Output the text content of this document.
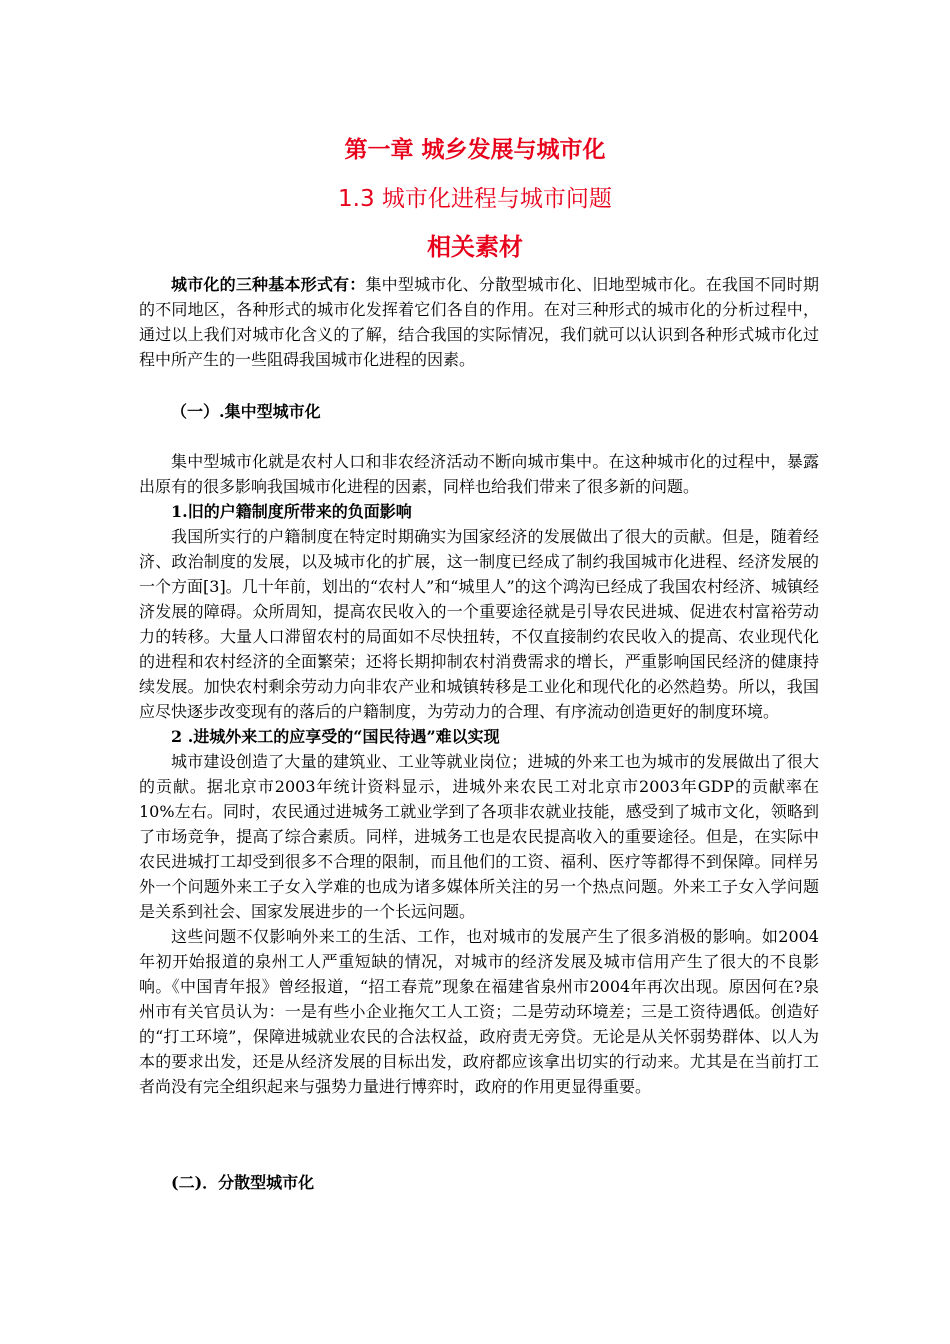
第一章 城乡发展与城市化
1.3 城市化进程与城市问题
相关素材

城市化的三种基本形式有：集中型城市化、分散型城市化、旧地型城市化。在我国不同时期的不同地区，各种形式的城市化发挥着它们各自的作用。在对三种形式的城市化的分析过程中，通过以上我们对城市化含义的了解，结合我国的实际情况，我们就可以认识到各种形式城市化过程中所产生的一些阻碍我国城市化进程的因素。

（一）.集中型城市化

集中型城市化就是农村人口和非农经济活动不断向城市集中。在这种城市化的过程中，暴露出原有的很多影响我国城市化进程的因素，同样也给我们带来了很多新的问题。

1.旧的户籍制度所带来的负面影响

我国所实行的户籍制度在特定时期确实为国家经济的发展做出了很大的贡献。但是，随着经济、政治制度的发展，以及城市化的扩展，这一制度已经成了制约我国城市化进程、经济发展的一个方面[3]。几十年前，划出的“农村人”和“城里人”的这个鸿沟已经成了我国农村经济、城镇经济发展的障碍。众所周知，提高农民收入的一个重要途径就是引导农民进城、促进农村富裕劳动力的转移。大量人口滞留农村的局面如不尽快扭转，不仅直接制约农民收入的提高、农业现代化的进程和农村经济的全面繁荣；还将长期抑制农村消费需求的增长，严重影响国民经济的健康持续发展。加快农村剩余劳动力向非农产业和城镇转移是工业化和现代化的必然趋势。所以，我国应尽快逐步改变现有的落后的户籍制度，为劳动力的合理、有序流动创造更好的制度环境。

2 .进城外来工的应享受的“国民待遇”难以实现

城市建设创造了大量的建筑业、工业等就业岗位；进城的外来工也为城市的发展做出了很大的贡献。据北京市2003年统计资料显示，进城外来农民工对北京市2003年GDP的贡献率在10%左右。同时，农民通过进城务工就业学到了各项非农就业技能，感受到了城市文化，领略到了市场竞争，提高了综合素质。同样，进城务工也是农民提高收入的重要途径。但是，在实际中农民进城打工却受到很多不合理的限制，而且他们的工资、福利、医疗等都得不到保障。同样另外一个问题外来工子女入学难的也成为诸多媒体所关注的另一个热点问题。外来工子女入学问题是关系到社会、国家发展进步的一个长远问题。

这些问题不仅影响外来工的生活、工作，也对城市的发展产生了很多消极的影响。如2004年初开始报道的泉州工人严重短缺的情况，对城市的经济发展及城市信用产生了很大的不良影响。《中国青年报》曾经报道，“招工春荒”现象在福建省泉州市2004年再次出现。原因何在?泉州市有关官员认为：一是有些小企业拖欠工人工资；二是劳动环境差；三是工资待遇低。创造好的“打工环境”，保障进城就业农民的合法权益，政府责无旁贷。无论是从关怀弱势群体、以人为本的要求出发，还是从经济发展的目标出发，政府都应该拿出切实的行动来。尤其是在当前打工者尚没有完全组织起来与强势力量进行博弈时，政府的作用更显得重要。

(二)．分散型城市化
